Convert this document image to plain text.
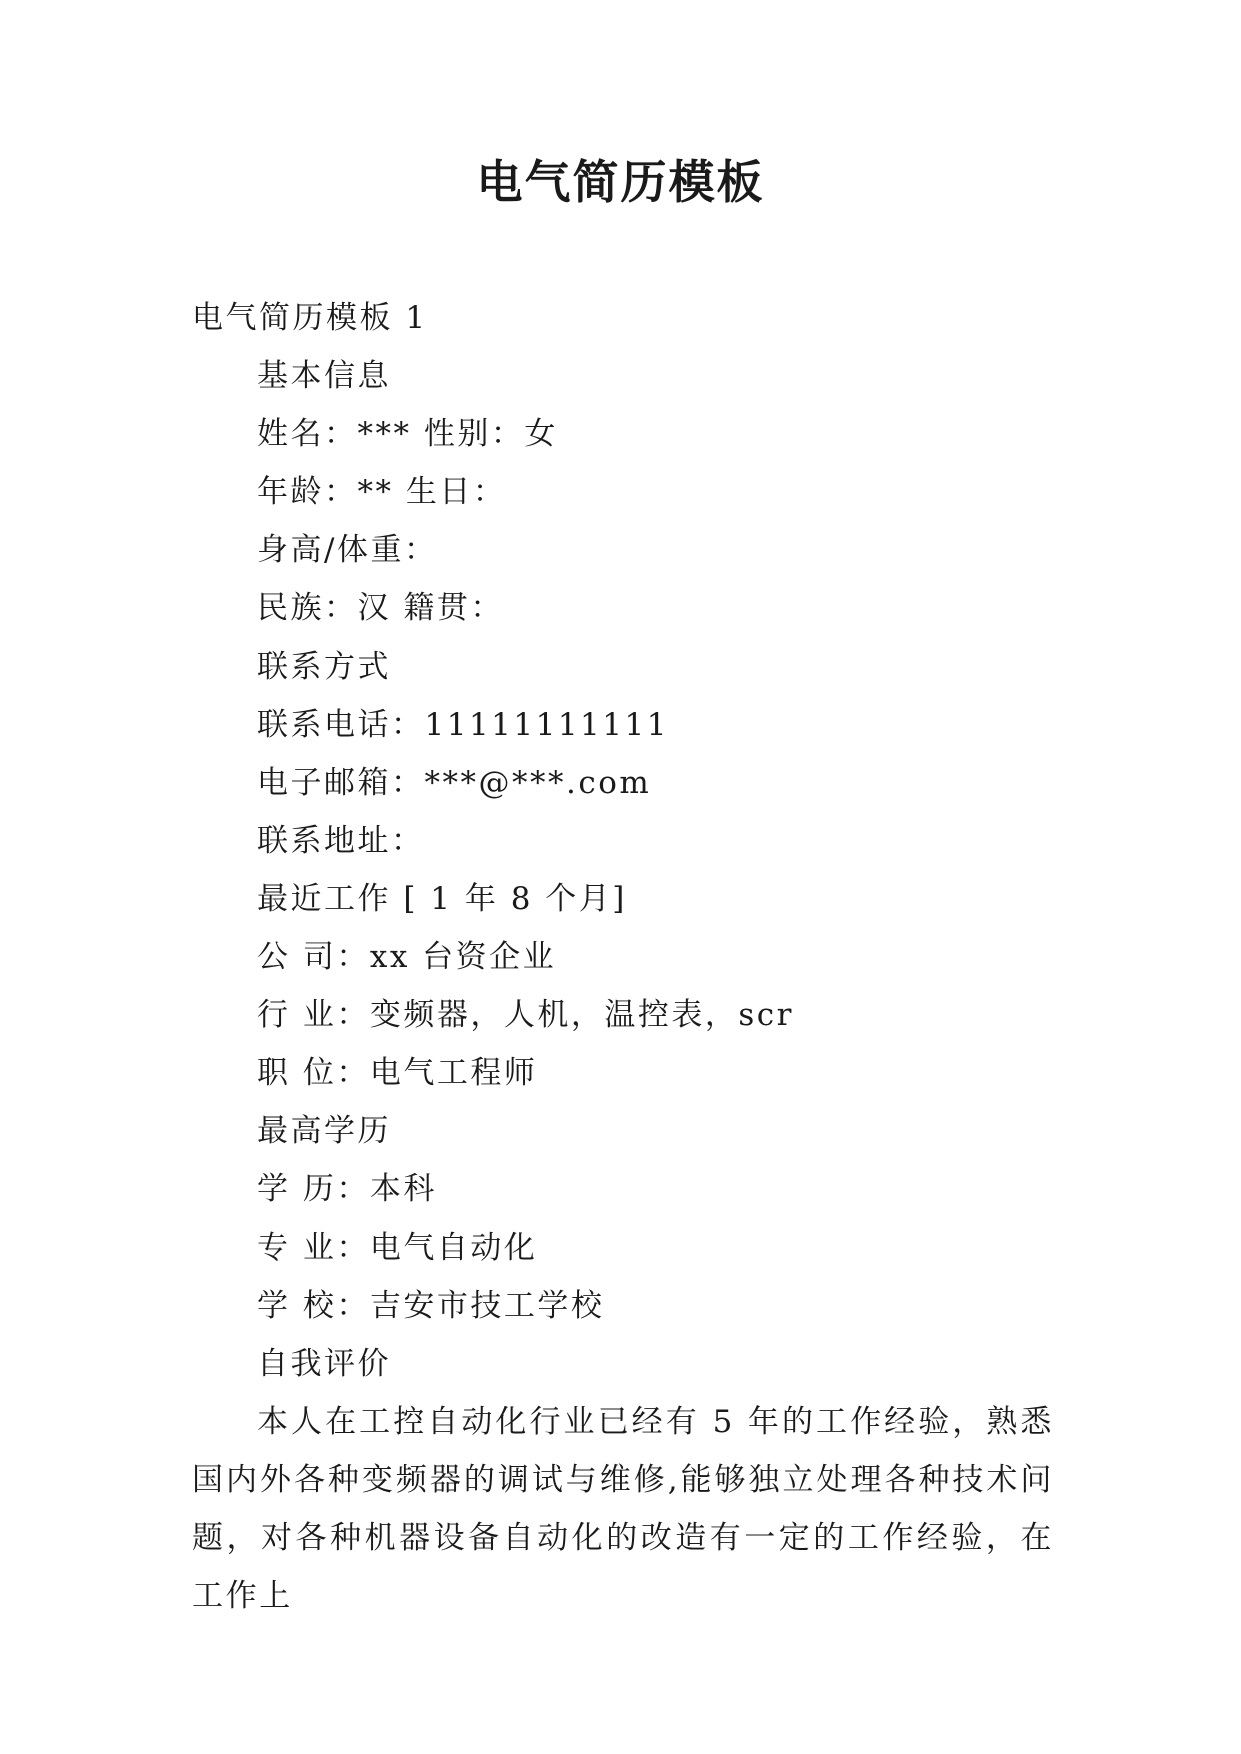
电气简历模板
电气简历模板 1
基本信息
姓名：*** 性别：女
年龄：** 生日：
身高/体重：
民族：汉 籍贯：
联系方式
联系电话：11111111111
电子邮箱：***@***.com
联系地址：
最近工作 [ 1 年 8 个月]
公 司：xx 台资企业
行 业：变频器，人机，温控表，scr
职 位：电气工程师
最高学历
学 历：本科
专 业：电气自动化
学 校：吉安市技工学校
自我评价

本人在工控自动化行业已经有 5 年的工作经验，熟悉国内外各种变频器的调试与维修,能够独立处理各种技术问题，对各种机器设备自动化的改造有一定的工作经验，在工作上
